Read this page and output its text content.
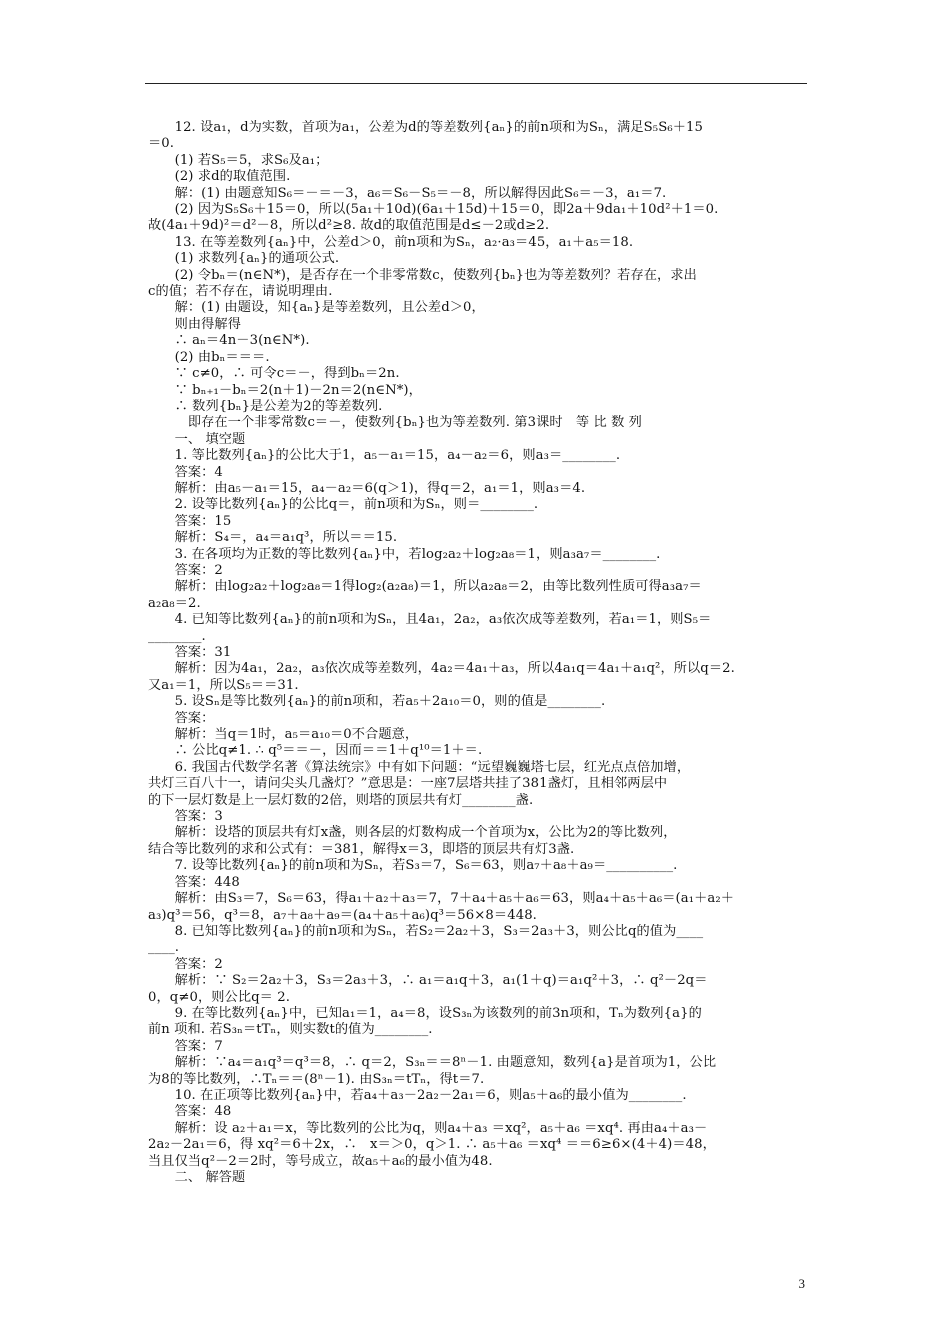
　　12. 设a₁，d为实数，首项为a₁，公差为d的等差数列{aₙ}的前n项和为Sₙ，满足S₅S₆＋15
＝0.
　　(1) 若S₅＝5，求S₆及a₁；
　　(2) 求d的取值范围.
　　解：(1) 由题意知S₆＝－＝－3，a₆＝S₆－S₅＝－8，所以解得因此S₆＝－3，a₁＝7.
　　(2) 因为S₅S₆＋15＝0，所以(5a₁＋10d)(6a₁＋15d)＋15＝0，即2a＋9da₁＋10d²＋1＝0.
故(4a₁＋9d)²＝d²－8，所以d²≥8. 故d的取值范围是d≤－2或d≥2.
　　13. 在等差数列{aₙ}中，公差d＞0，前n项和为Sₙ，a₂·a₃＝45，a₁＋a₅＝18.
　　(1) 求数列{aₙ}的通项公式.
　　(2) 令bₙ＝(n∈N*)，是否存在一个非零常数c，使数列{bₙ}也为等差数列？若存在，求出
c的值；若不存在，请说明理由.
　　解：(1) 由题设，知{aₙ}是等差数列，且公差d＞0，
　　则由得解得
　　∴ aₙ＝4n－3(n∈N*).
　　(2) 由bₙ＝＝＝.
　　∵ c≠0，∴ 可令c＝－，得到bₙ＝2n.
　　∵ bₙ₊₁－bₙ＝2(n＋1)－2n＝2(n∈N*)，
　　∴ 数列{bₙ}是公差为2的等差数列.
　　　即存在一个非零常数c＝－，使数列{bₙ}也为等差数列. 第3课时　等 比 数 列
　　一、 填空题
　　1. 等比数列{aₙ}的公比大于1，a₅－a₁＝15，a₄－a₂＝6，则a₃＝________.
　　答案：4
　　解析：由a₅－a₁＝15，a₄－a₂＝6(q＞1)，得q＝2，a₁＝1，则a₃＝4.
　　2. 设等比数列{aₙ}的公比q＝，前n项和为Sₙ，则＝________.
　　答案：15
　　解析：S₄＝，a₄＝a₁q³，所以＝＝15.
　　3. 在各项均为正数的等比数列{aₙ}中，若log₂a₂＋log₂a₈＝1，则a₃a₇＝________.
　　答案：2
　　解析：由log₂a₂＋log₂a₈＝1得log₂(a₂a₈)＝1，所以a₂a₈＝2，由等比数列性质可得a₃a₇＝
a₂a₈＝2.
　　4. 已知等比数列{aₙ}的前n项和为Sₙ，且4a₁，2a₂，a₃依次成等差数列，若a₁＝1，则S₅＝
________.
　　答案：31
　　解析：因为4a₁，2a₂，a₃依次成等差数列，4a₂＝4a₁＋a₃，所以4a₁q＝4a₁＋a₁q²，所以q＝2.
又a₁＝1，所以S₅＝＝31.
　　5. 设Sₙ是等比数列{aₙ}的前n项和，若a₅＋2a₁₀＝0，则的值是________.
　　答案：
　　解析：当q＝1时，a₅＝a₁₀＝0不合题意，
　　∴ 公比q≠1. ∴ q⁵＝＝－，因而＝＝1＋q¹⁰＝1＋＝.
　　6. 我国古代数学名著《算法统宗》中有如下问题：“远望巍巍塔七层，红光点点倍加增，
共灯三百八十一，请问尖头几盏灯？”意思是：一座7层塔共挂了381盏灯，且相邻两层中
的下一层灯数是上一层灯数的2倍，则塔的顶层共有灯________盏.
　　答案：3
　　解析：设塔的顶层共有灯x盏，则各层的灯数构成一个首项为x，公比为2的等比数列，
结合等比数列的求和公式有：＝381，解得x＝3，即塔的顶层共有灯3盏.
　　7. 设等比数列{aₙ}的前n项和为Sₙ，若S₃＝7，S₆＝63，则a₇＋a₈＋a₉＝__________.
　　答案：448
　　解析：由S₃＝7，S₆＝63，得a₁＋a₂＋a₃＝7，7＋a₄＋a₅＋a₆＝63，则a₄＋a₅＋a₆＝(a₁＋a₂＋
a₃)q³＝56，q³＝8，a₇＋a₈＋a₉＝(a₄＋a₅＋a₆)q³＝56×8＝448.
　　8. 已知等比数列{aₙ}的前n项和为Sₙ，若S₂＝2a₂＋3，S₃＝2a₃＋3，则公比q的值为____
____.
　　答案：2
　　解析：∵ S₂＝2a₂＋3，S₃＝2a₃＋3，∴ a₁＝a₁q＋3，a₁(1＋q)＝a₁q²＋3，∴ q²－2q＝
0，q≠0，则公比q＝ 2.
　　9. 在等比数列{aₙ}中，已知a₁＝1，a₄＝8，设S₃ₙ为该数列的前3n项和，Tₙ为数列{a}的
前n 项和. 若S₃ₙ＝tTₙ，则实数t的值为________.
　　答案：7
　　解析：∵a₄＝a₁q³＝q³＝8，∴ q＝2，S₃ₙ＝＝8ⁿ－1. 由题意知，数列{a}是首项为1，公比
为8的等比数列，∴Tₙ＝＝(8ⁿ－1). 由S₃ₙ＝tTₙ，得t＝7.
　　10. 在正项等比数列{aₙ}中，若a₄＋a₃－2a₂－2a₁＝6，则a₅＋a₆的最小值为________.
　　答案：48
　　解析：设 a₂＋a₁＝x，等比数列的公比为q，则a₄＋a₃ ＝xq²，a₅＋a₆ ＝xq⁴. 再由a₄＋a₃－
2a₂－2a₁＝6，得 xq²＝6＋2x，∴　x＝＞0，q＞1. ∴ a₅＋a₆ ＝xq⁴ ＝＝6≥6×(4＋4)＝48，
当且仅当q²－2＝2时，等号成立，故a₅＋a₆的最小值为48.
　　二、 解答题
3
